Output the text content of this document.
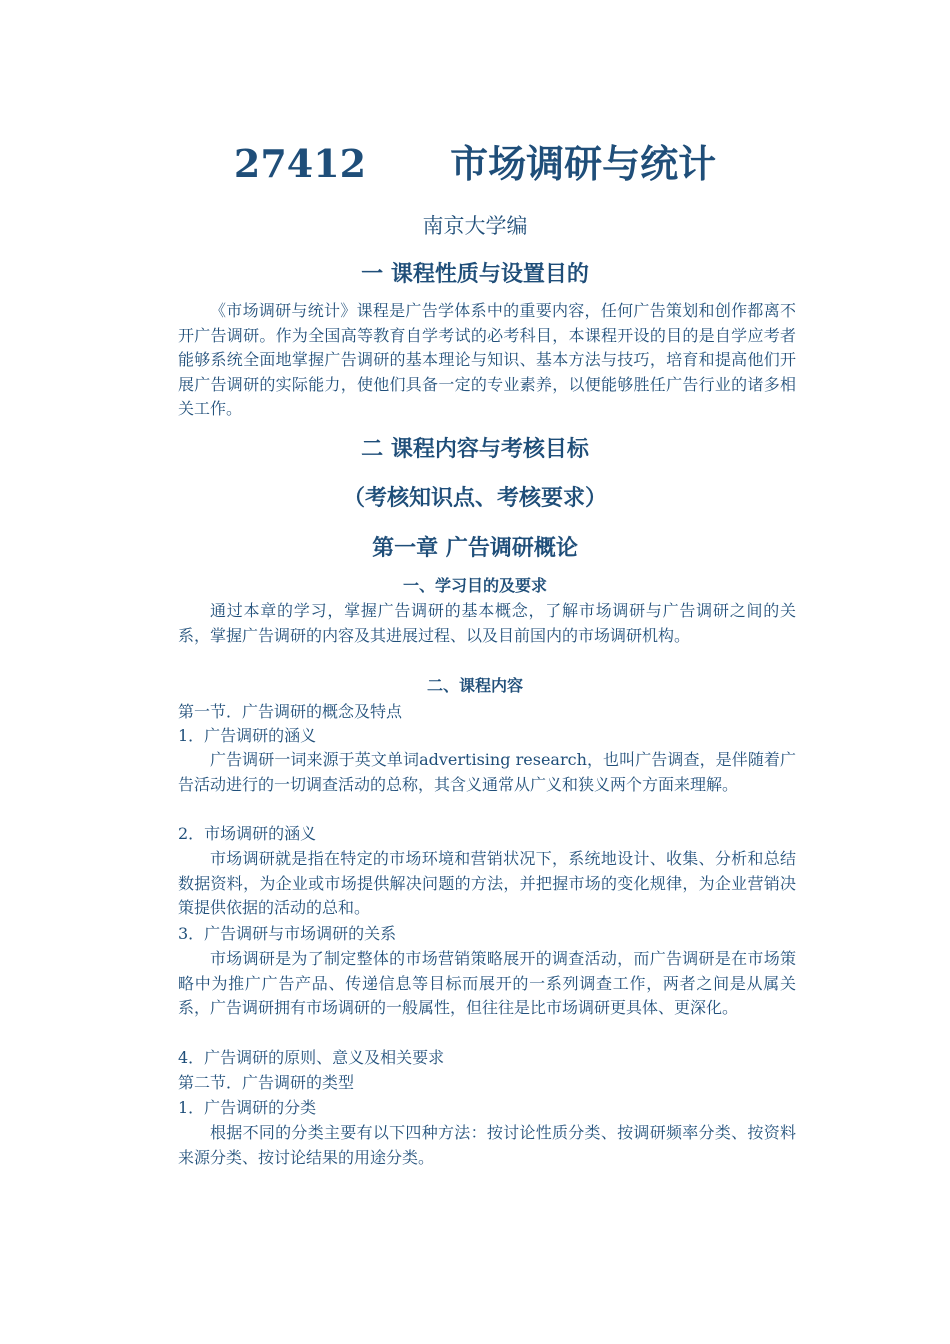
27412 市场调研与统计
南京大学编
一 课程性质与设置目的

《市场调研与统计》课程是广告学体系中的重要内容，任何广告策划和创作都离不开广告调研。作为全国高等教育自学考试的必考科目，本课程开设的目的是自学应考者能够系统全面地掌握广告调研的基本理论与知识、基本方法与技巧，培育和提高他们开展广告调研的实际能力，使他们具备一定的专业素养，以便能够胜任广告行业的诸多相关工作。

二 课程内容与考核目标
（考核知识点、考核要求）
第一章 广告调研概论
一、学习目的及要求

通过本章的学习，掌握广告调研的基本概念，了解市场调研与广告调研之间的关系，掌握广告调研的内容及其进展过程、以及目前国内的市场调研机构。

二、课程内容
第一节．广告调研的概念及特点
1．广告调研的涵义

广告调研一词来源于英文单词advertising research，也叫广告调查，是伴随着广告活动进行的一切调查活动的总称，其含义通常从广义和狭义两个方面来理解。

2．市场调研的涵义

市场调研就是指在特定的市场环境和营销状况下，系统地设计、收集、分析和总结数据资料，为企业或市场提供解决问题的方法，并把握市场的变化规律，为企业营销决策提供依据的活动的总和。

3．广告调研与市场调研的关系

市场调研是为了制定整体的市场营销策略展开的调查活动，而广告调研是在市场策略中为推广广告产品、传递信息等目标而展开的一系列调查工作，两者之间是从属关系，广告调研拥有市场调研的一般属性，但往往是比市场调研更具体、更深化。

4．广告调研的原则、意义及相关要求
第二节．广告调研的类型
1．广告调研的分类

根据不同的分类主要有以下四种方法：按讨论性质分类、按调研频率分类、按资料来源分类、按讨论结果的用途分类。
